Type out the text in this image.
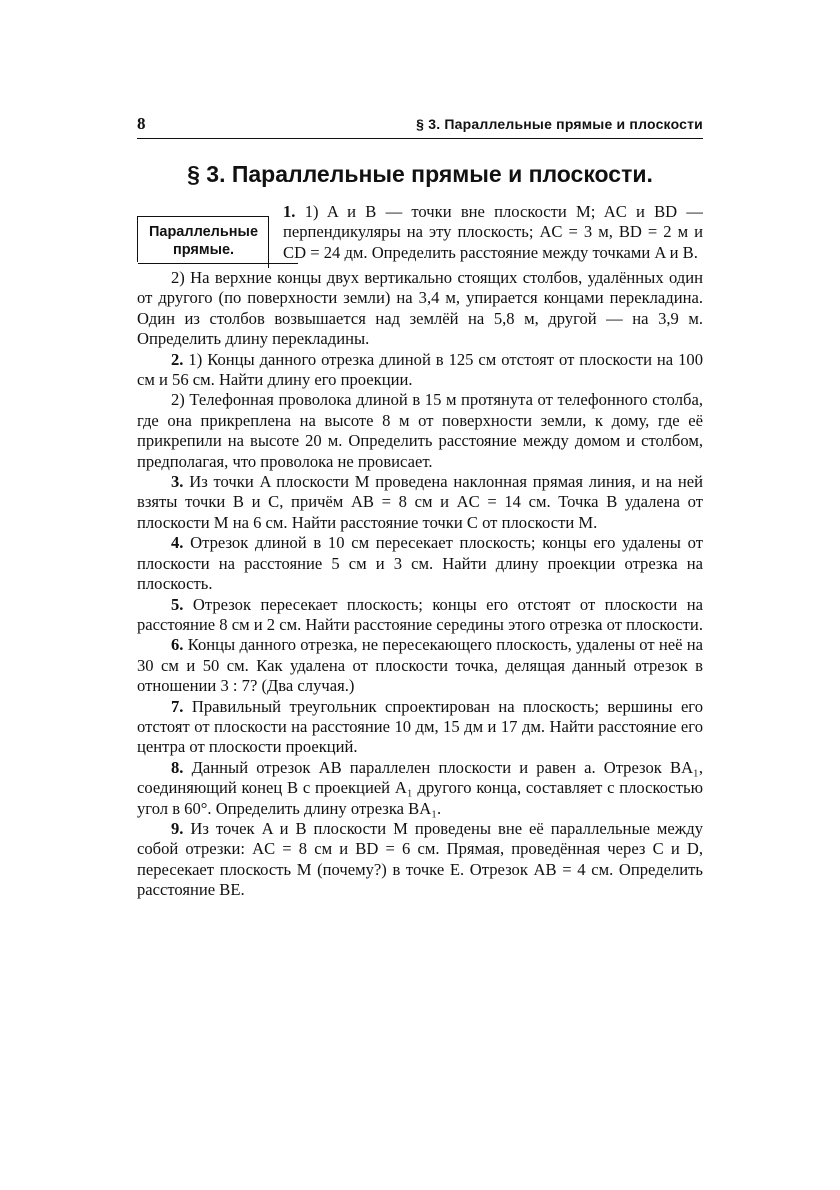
8	§ 3. Параллельные прямые и плоскости
§ 3. Параллельные прямые и плоскости.
Параллельные
прямые.

1. 1) A и B — точки вне плоскости M; AC и BD — перпендикуляры на эту плоскость; AC = 3 м, BD = 2 м и CD = 24 дм. Определить расстояние между точками A и B.

2) На верхние концы двух вертикально стоящих столбов, удалённых один от другого (по поверхности земли) на 3,4 м, упирается концами перекладина. Один из столбов возвышается над землёй на 5,8 м, другой — на 3,9 м. Определить длину перекладины.

2. 1) Концы данного отрезка длиной в 125 см отстоят от плоскости на 100 см и 56 см. Найти длину его проекции.

2) Телефонная проволока длиной в 15 м протянута от телефонного столба, где она прикреплена на высоте 8 м от поверхности земли, к дому, где её прикрепили на высоте 20 м. Определить расстояние между домом и столбом, предполагая, что проволока не провисает.

3. Из точки A плоскости M проведена наклонная прямая линия, и на ней взяты точки B и C, причём AB = 8 см и AC = 14 см. Точка B удалена от плоскости M на 6 см. Найти расстояние точки C от плоскости M.

4. Отрезок длиной в 10 см пересекает плоскость; концы его удалены от плоскости на расстояние 5 см и 3 см. Найти длину проекции отрезка на плоскость.

5. Отрезок пересекает плоскость; концы его отстоят от плоскости на расстояние 8 см и 2 см. Найти расстояние середины этого отрезка от плоскости.

6. Концы данного отрезка, не пересекающего плоскость, удалены от неё на 30 см и 50 см. Как удалена от плоскости точка, делящая данный отрезок в отношении 3 : 7? (Два случая.)

7. Правильный треугольник спроектирован на плоскость; вершины его отстоят от плоскости на расстояние 10 дм, 15 дм и 17 дм. Найти расстояние его центра от плоскости проекций.

8. Данный отрезок AB параллелен плоскости и равен a. Отрезок BA₁, соединяющий конец B с проекцией A₁ другого конца, составляет с плоскостью угол в 60°. Определить длину отрезка BA₁.

9. Из точек A и B плоскости M проведены вне её параллельные между собой отрезки: AC = 8 см и BD = 6 см. Прямая, проведённая через C и D, пересекает плоскость M (почему?) в точке E. Отрезок AB = 4 см. Определить расстояние BE.
